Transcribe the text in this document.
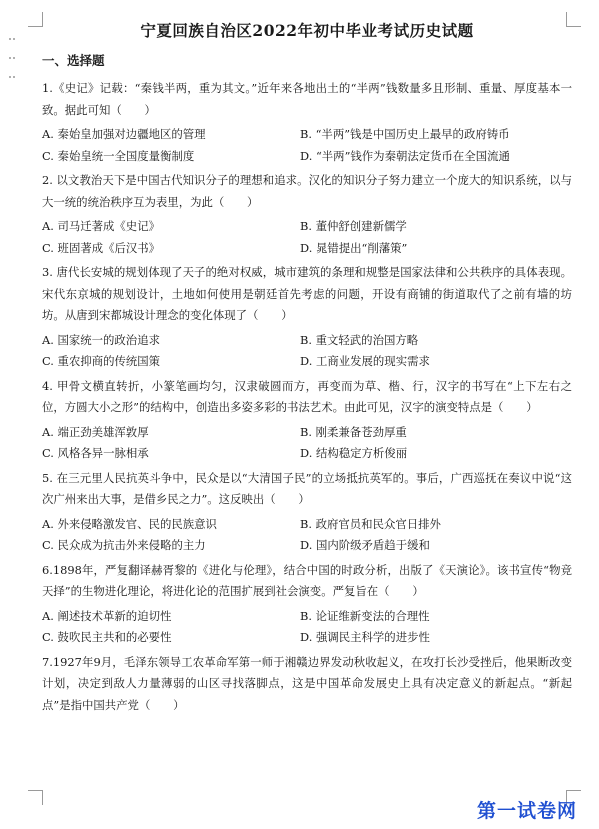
宁夏回族自治区2022年初中毕业考试历史试题
一、选择题

1.《史记》记载：“秦钱半两，重为其文。”近年来各地出土的“半两”钱数量多且形制、重量、厚度基本一致。据此可知（　　）

A. 秦始皇加强对边疆地区的管理	B. “半两”钱是中国历史上最早的政府铸币
C. 秦始皇统一全国度量衡制度	D. “半两”钱作为秦朝法定货币在全国流通

2. 以文教治天下是中国古代知识分子的理想和追求。汉化的知识分子努力建立一个庞大的知识系统，以与大一统的统治秩序互为表里，为此（　　）

A. 司马迁著成《史记》	B. 董仲舒创建新儒学
C. 班固著成《后汉书》	D. 晁错提出“削藩策”

3. 唐代长安城的规划体现了天子的绝对权威，城市建筑的条理和规整是国家法律和公共秩序的具体表现。宋代东京城的规划设计，土地如何使用是朝廷首先考虑的问题，开设有商铺的街道取代了之前有墙的坊坊。从唐到宋都城设计理念的变化体现了（　　）

A. 国家统一的政治追求	B. 重文轻武的治国方略
C. 重农抑商的传统国策	D. 工商业发展的现实需求

4. 甲骨文横直转折，小篆笔画均匀，汉隶破圆而方，再变而为草、楷、行，汉字的书写在“上下左右之位，方圆大小之形”的结构中，创造出多姿多彩的书法艺术。由此可见，汉字的演变特点是（　　）

A. 端正劲美雄浑敦厚	B. 刚柔兼备苍劲厚重
C. 风格各异一脉相承	D. 结构稳定方析俊丽

5. 在三元里人民抗英斗争中，民众是以“大清国子民”的立场抵抗英军的。事后，广西巡抚在奏议中说“这次广州来出大事，是借乡民之力”。这反映出（　　）

A. 外来侵略激发官、民的民族意识	B. 政府官员和民众官日排外
C. 民众成为抗击外来侵略的主力	D. 国内阶级矛盾趋于缓和

6.1898年，严复翻译赫胥黎的《进化与伦理》，结合中国的时政分析，出版了《天演论》。该书宣传“物竞天择”的生物进化理论，将进化论的范围扩展到社会演变。严复旨在（　　）

A. 阐述技术革新的迫切性	B. 论证维新变法的合理性
C. 鼓吹民主共和的必要性	D. 强调民主科学的进步性

7.1927年9月，毛泽东领导工农革命军第一师于湘赣边界发动秋收起义，在攻打长沙受挫后，他果断改变计划，决定到敌人力量薄弱的山区寻找落脚点，这是中国革命发展史上具有决定意义的新起点。“新起点”是指中国共产党（　　）

第一试卷网
